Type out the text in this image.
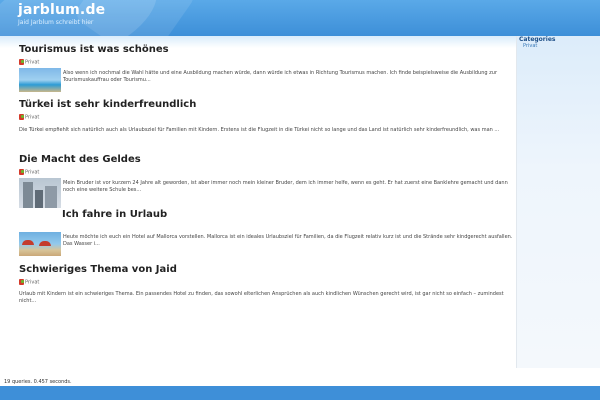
jarblum.de
Jaid Jarblum schreibt hier
Categories
Privat
Tourismus ist was schönes
Privat
Also wenn ich nochmal die Wahl hätte und eine Ausbildung machen würde, dann würde ich etwas in Richtung Tourismus machen. Ich finde beispielsweise die Ausbildung zur Tourismuskauffrau oder Tourismu...
Türkei ist sehr kinderfreundlich
Privat
Die Türkei empfiehlt sich natürlich auch als Urlaubsziel für Familien mit Kindern. Erstens ist die Flugzeit in die Türkei nicht so lange und das Land ist natürlich sehr kinderfreundlich, was man ...
Die Macht des Geldes
Privat
Mein Bruder ist vor kurzem 24 Jahre alt geworden, ist aber immer noch mein kleiner Bruder, dem ich immer helfe, wenn es geht. Er hat zuerst eine Banklehre gemacht und dann noch eine weitere Schule bes...
Ich fahre in Urlaub
Heute möchte ich euch ein Hotel auf Mallorca vorstellen. Mallorca ist ein ideales Urlaubsziel für Familien, da die Flugzeit relativ kurz ist und die Strände sehr kindgerecht ausfallen. Das Wasser i...
Schwieriges Thema von Jaid
Privat
Urlaub mit Kindern ist ein schwieriges Thema. Ein passendes Hotel zu finden, das sowohl elterlichen Ansprüchen als auch kindlichen Wünschen gerecht wird, ist gar nicht so einfach – zumindest nicht...
19 queries. 0.457 seconds.
